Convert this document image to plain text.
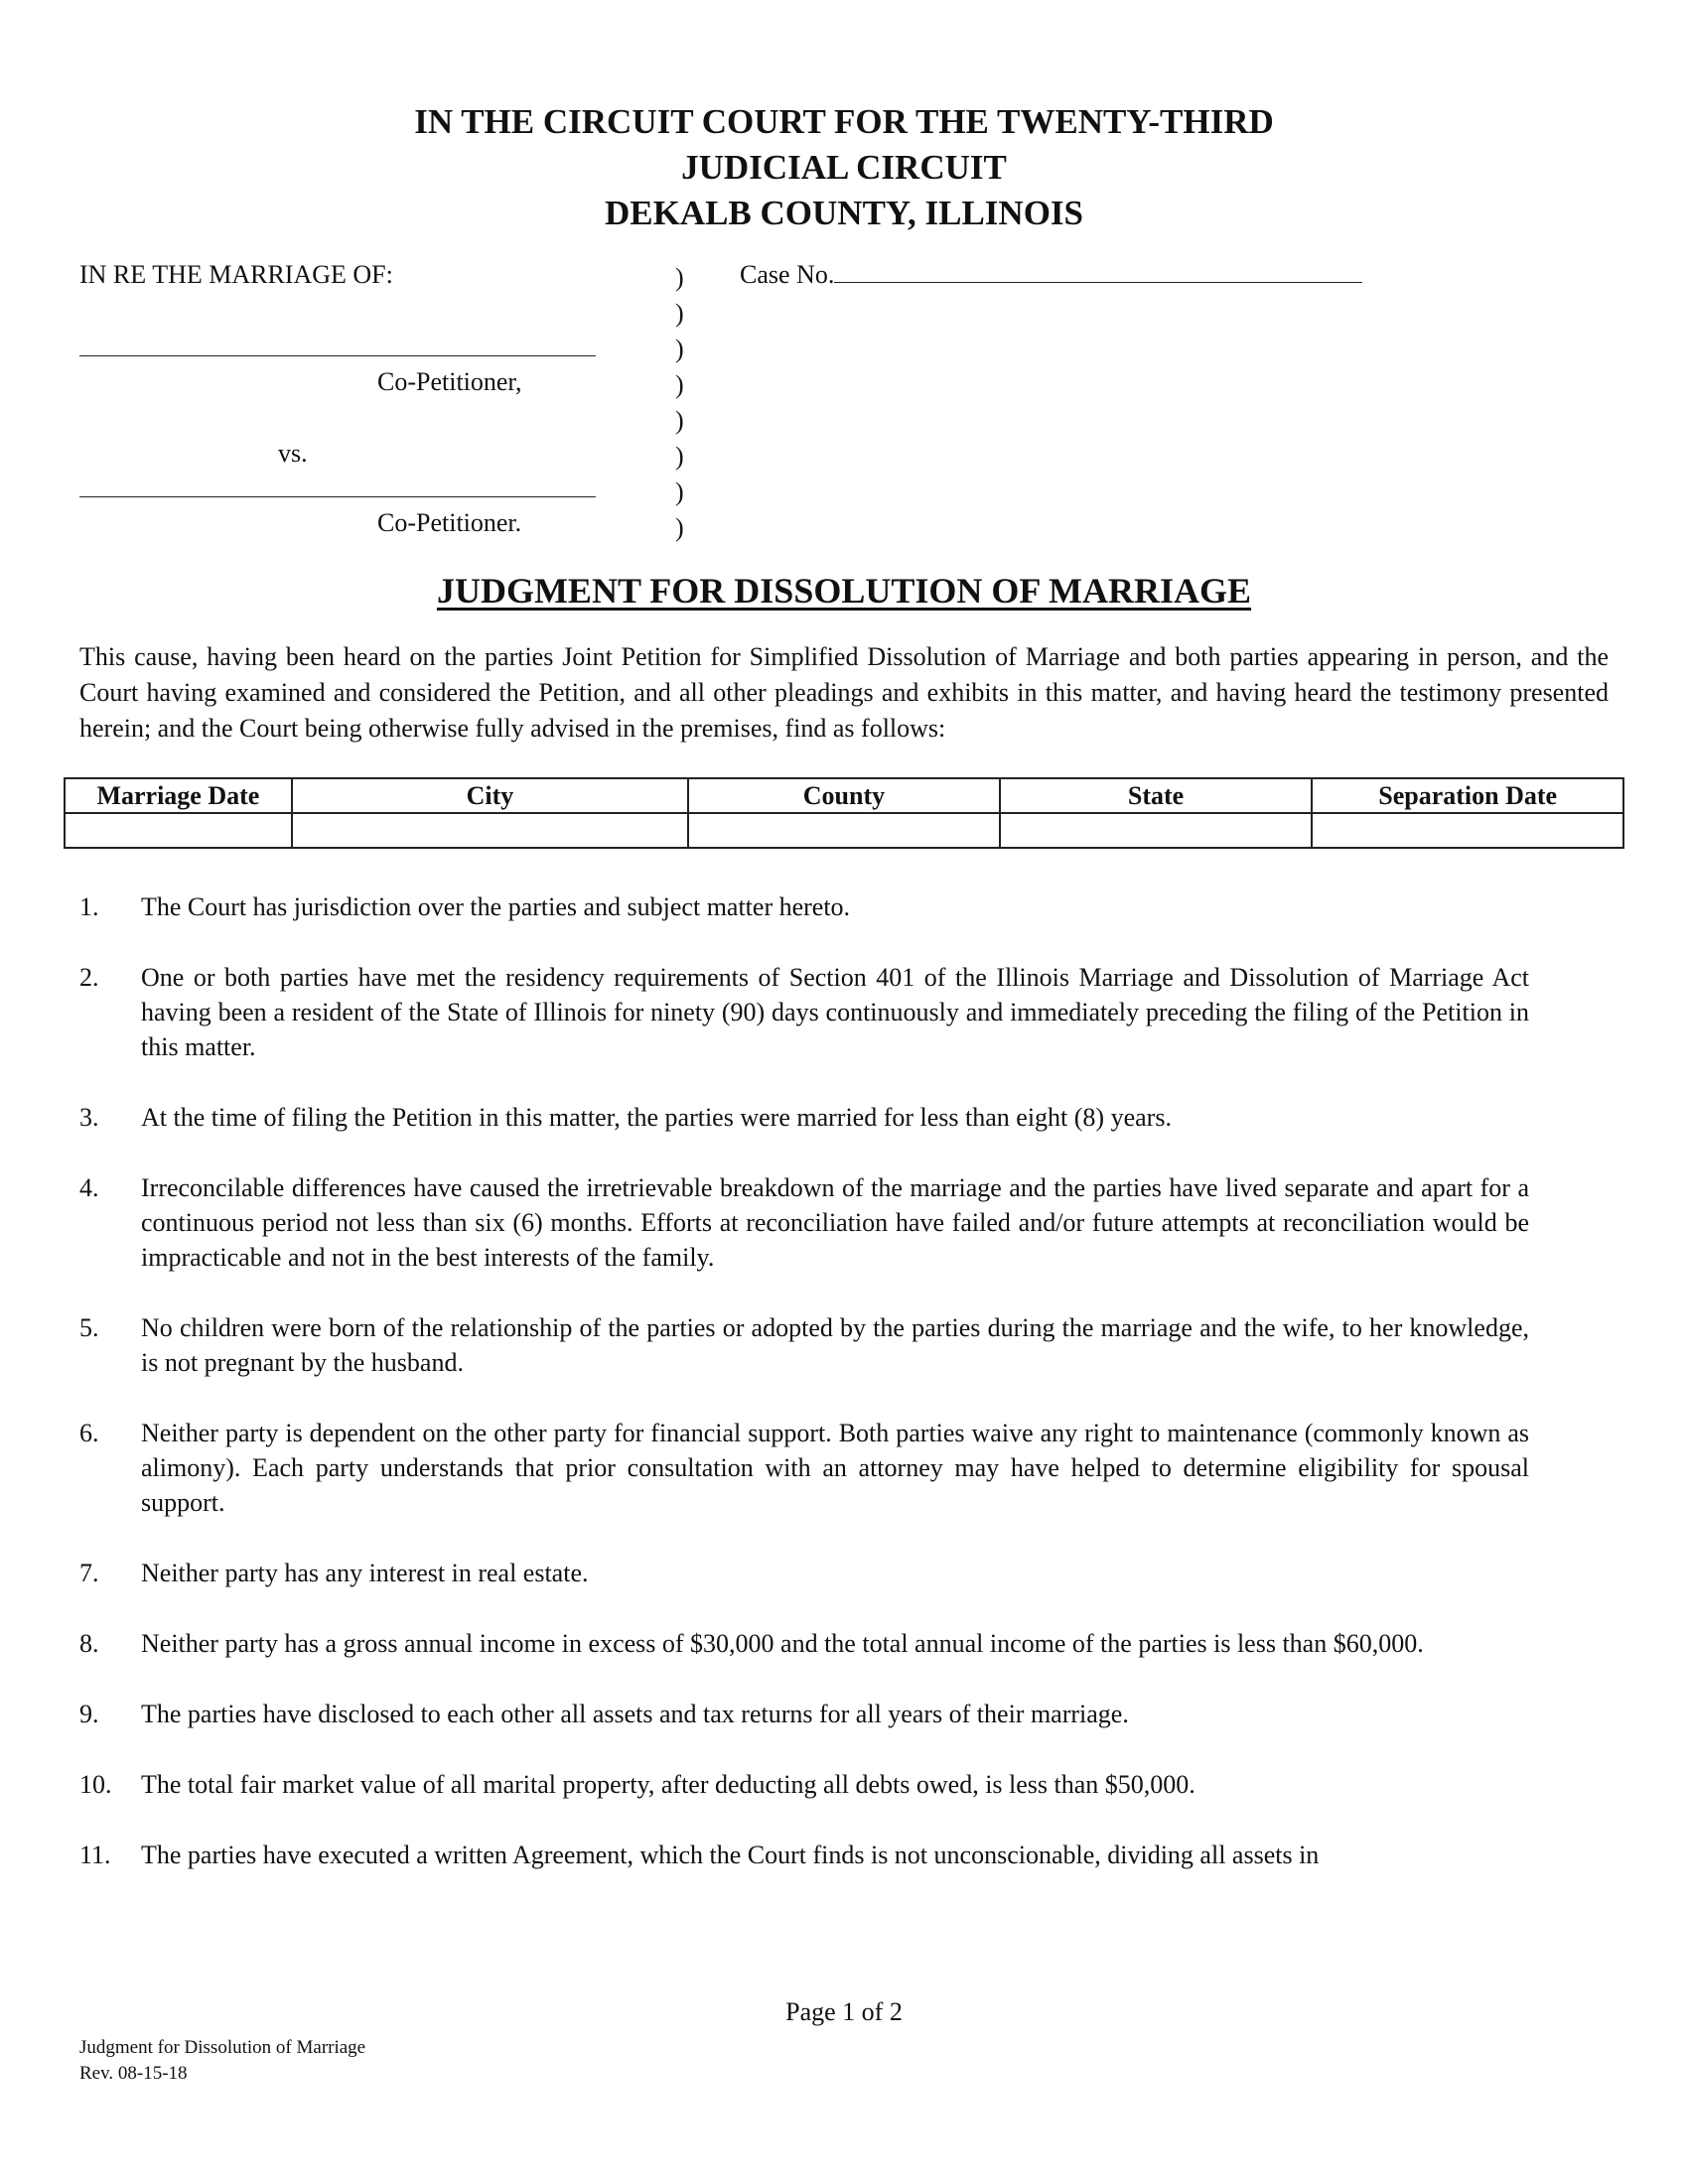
IN THE CIRCUIT COURT FOR THE TWENTY-THIRD
JUDICIAL CIRCUIT
DEKALB COUNTY, ILLINOIS
IN RE THE MARRIAGE OF:
Co-Petitioner,
vs.
Co-Petitioner.
)
)
)
)
)
)
)
)
Case No.
JUDGMENT FOR DISSOLUTION OF MARRIAGE

This cause, having been heard on the parties Joint Petition for Simplified Dissolution of Marriage and both parties appearing in person, and the Court having examined and considered the Petition, and all other pleadings and exhibits in this matter, and having heard the testimony presented herein; and the Court being otherwise fully advised in the premises, find as follows:

Marriage Date	City	County	State	Separation Date

1. The Court has jurisdiction over the parties and subject matter hereto.
2. One or both parties have met the residency requirements of Section 401 of the Illinois Marriage and Dissolution of Marriage Act having been a resident of the State of Illinois for ninety (90) days continuously and immediately preceding the filing of the Petition in this matter.
3. At the time of filing the Petition in this matter, the parties were married for less than eight (8) years.
4. Irreconcilable differences have caused the irretrievable breakdown of the marriage and the parties have lived separate and apart for a continuous period not less than six (6) months. Efforts at reconciliation have failed and/or future attempts at reconciliation would be impracticable and not in the best interests of the family.
5. No children were born of the relationship of the parties or adopted by the parties during the marriage and the wife, to her knowledge, is not pregnant by the husband.
6. Neither party is dependent on the other party for financial support. Both parties waive any right to maintenance (commonly known as alimony). Each party understands that prior consultation with an attorney may have helped to determine eligibility for spousal support.
7. Neither party has any interest in real estate.
8. Neither party has a gross annual income in excess of $30,000 and the total annual income of the parties is less than $60,000.
9. The parties have disclosed to each other all assets and tax returns for all years of their marriage.
10. The total fair market value of all marital property, after deducting all debts owed, is less than $50,000.
11. The parties have executed a written Agreement, which the Court finds is not unconscionable, dividing all assets in
Page 1 of 2
Judgment for Dissolution of Marriage
Rev. 08-15-18
